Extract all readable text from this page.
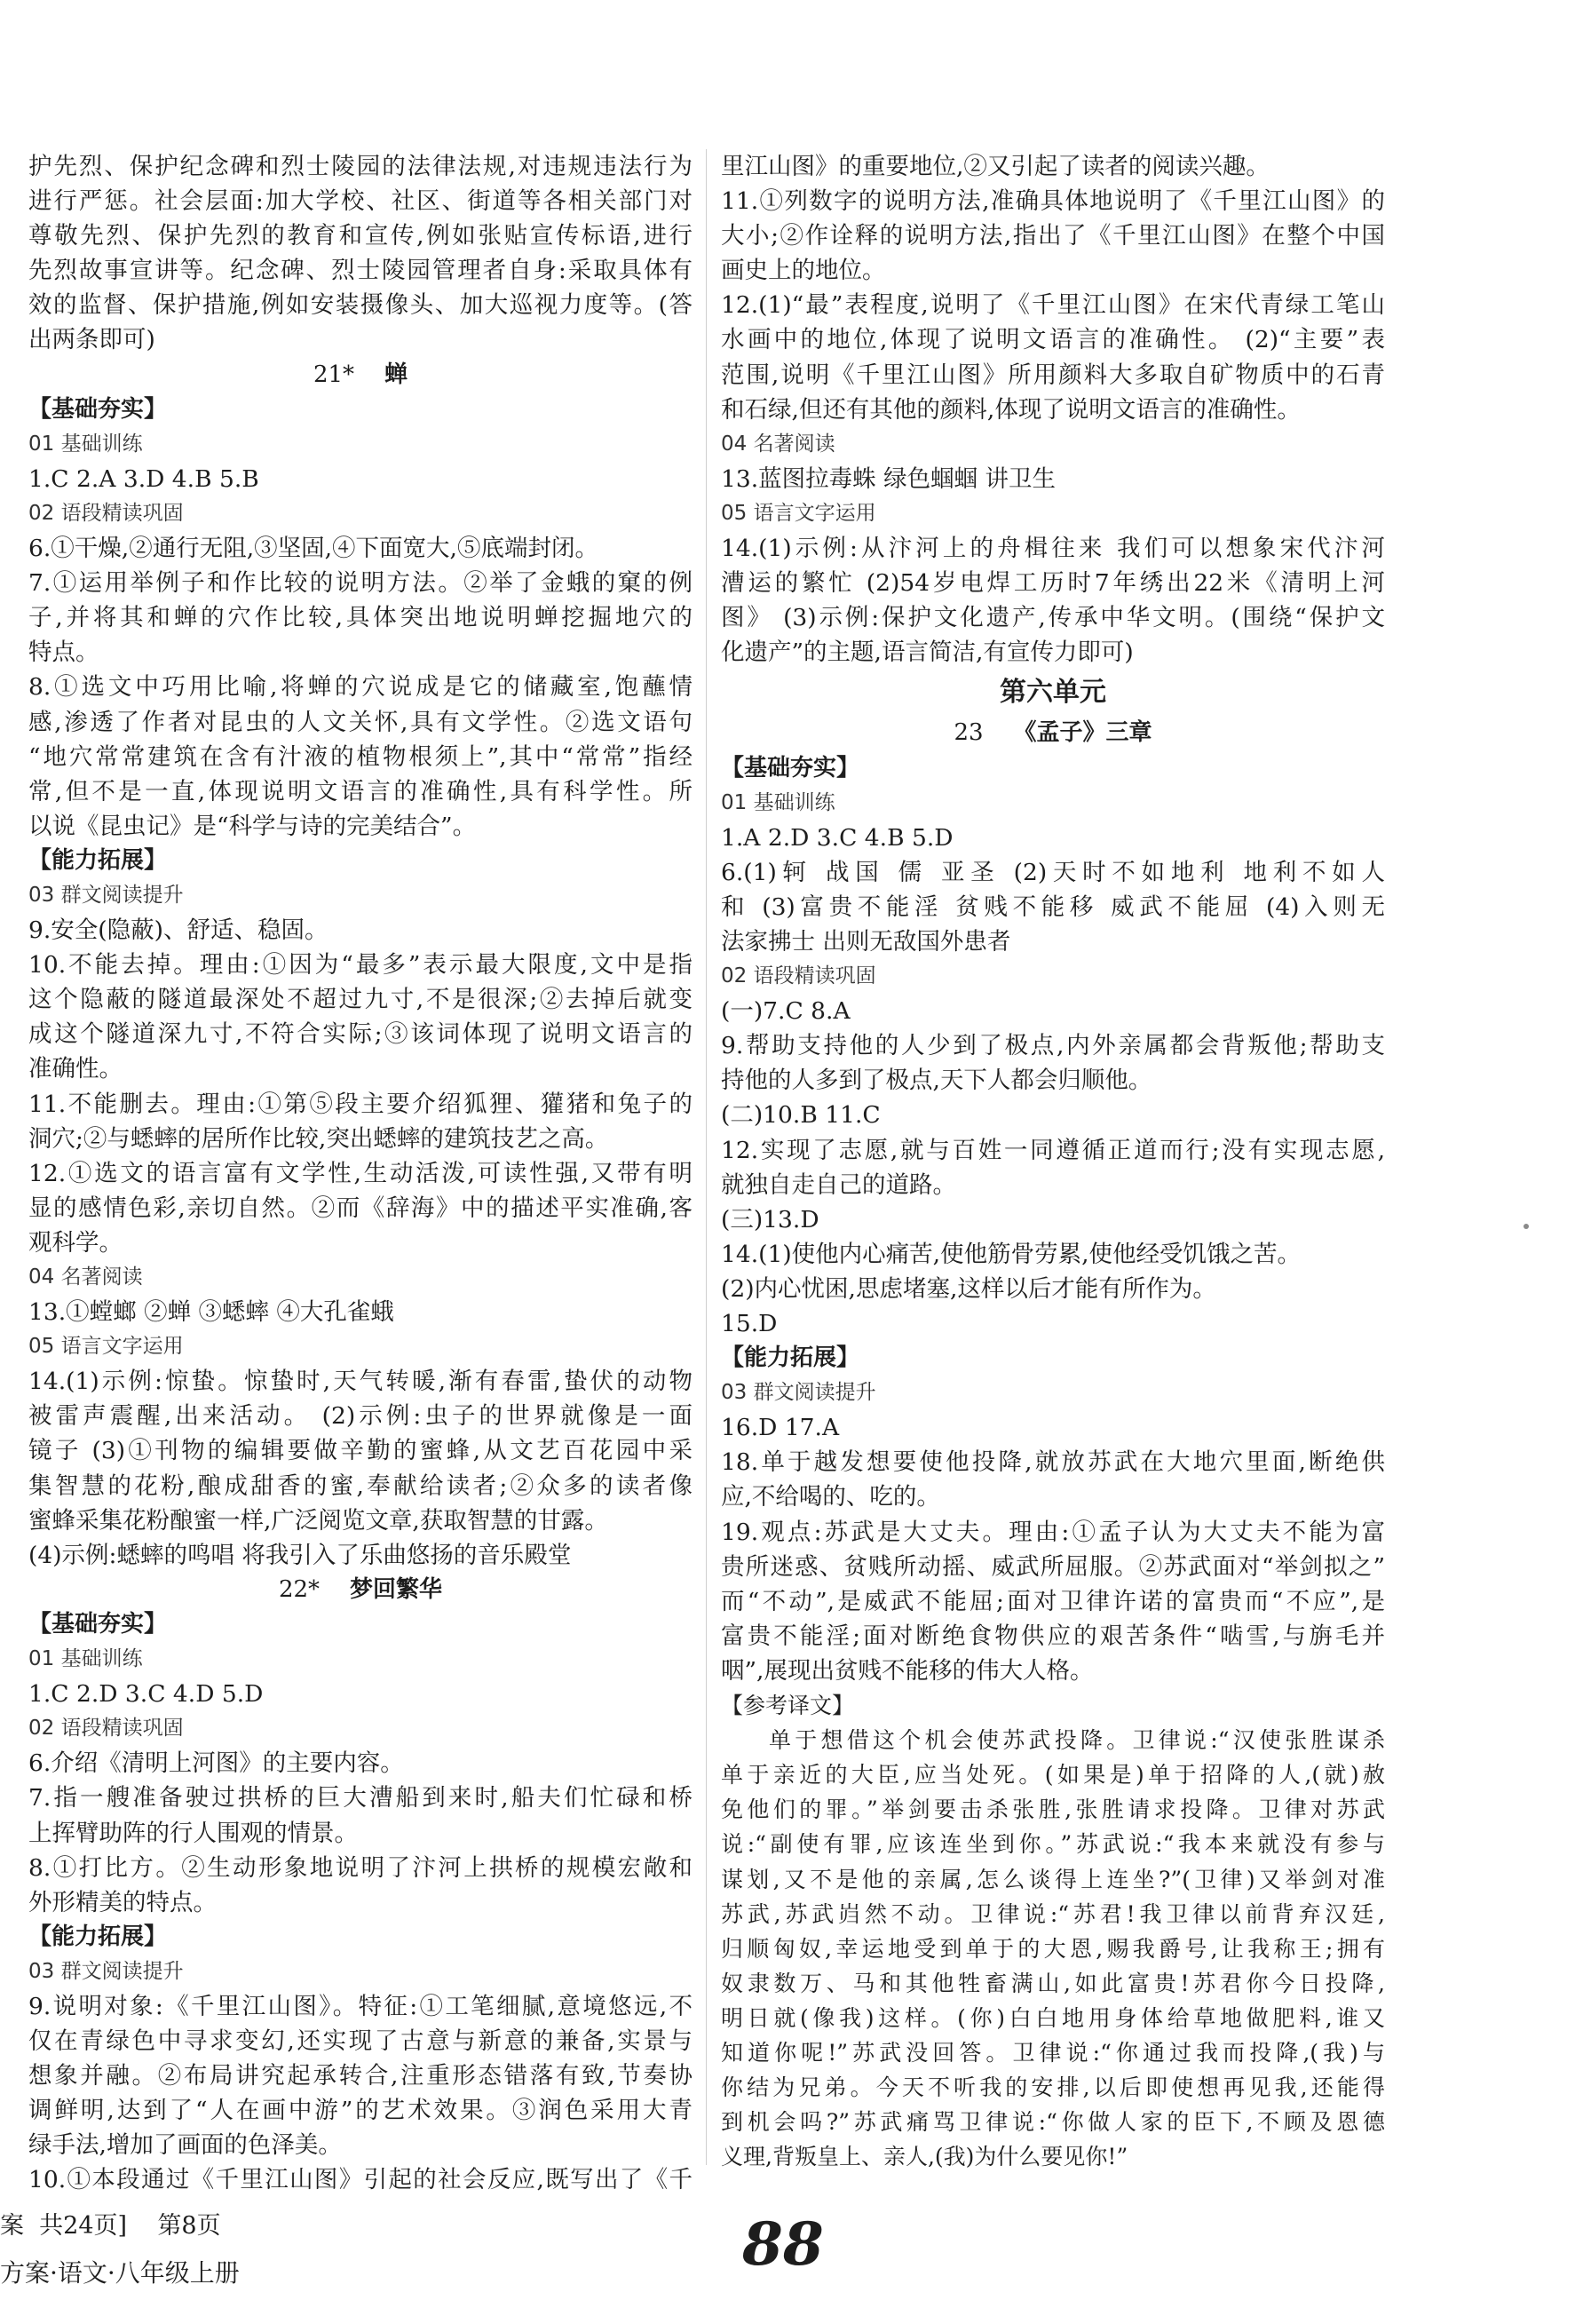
护先烈、保护纪念碑和烈士陵园的法律法规,对违规违法行为
进行严惩。社会层面:加大学校、社区、街道等各相关部门对
尊敬先烈、保护先烈的教育和宣传,例如张贴宣传标语,进行
先烈故事宣讲等。纪念碑、烈士陵园管理者自身:采取具体有
效的监督、保护措施,例如安装摄像头、加大巡视力度等。(答
出两条即可)
21* 蝉
【基础夯实】
01 基础训练
1.C 2.A 3.D 4.B 5.B
02 语段精读巩固
6.①干燥,②通行无阻,③坚固,④下面宽大,⑤底端封闭。
7.①运用举例子和作比较的说明方法。②举了金蛾的窠的例
子,并将其和蝉的穴作比较,具体突出地说明蝉挖掘地穴的
特点。
8.①选文中巧用比喻,将蝉的穴说成是它的储藏室,饱蘸情
感,渗透了作者对昆虫的人文关怀,具有文学性。②选文语句
“地穴常常建筑在含有汁液的植物根须上”,其中“常常”指经
常,但不是一直,体现说明文语言的准确性,具有科学性。所
以说《昆虫记》是“科学与诗的完美结合”。
【能力拓展】
03 群文阅读提升
9.安全(隐蔽)、舒适、稳固。
10.不能去掉。理由:①因为“最多”表示最大限度,文中是指
这个隐蔽的隧道最深处不超过九寸,不是很深;②去掉后就变
成这个隧道深九寸,不符合实际;③该词体现了说明文语言的
准确性。
11.不能删去。理由:①第⑤段主要介绍狐狸、獾猪和兔子的
洞穴;②与蟋蟀的居所作比较,突出蟋蟀的建筑技艺之高。
12.①选文的语言富有文学性,生动活泼,可读性强,又带有明
显的感情色彩,亲切自然。②而《辞海》中的描述平实准确,客
观科学。
04 名著阅读
13.①螳螂 ②蝉 ③蟋蟀 ④大孔雀蛾
05 语言文字运用
14.(1)示例:惊蛰。惊蛰时,天气转暖,渐有春雷,蛰伏的动物
被雷声震醒,出来活动。 (2)示例:虫子的世界就像是一面
镜子 (3)①刊物的编辑要做辛勤的蜜蜂,从文艺百花园中采
集智慧的花粉,酿成甜香的蜜,奉献给读者;②众多的读者像
蜜蜂采集花粉酿蜜一样,广泛阅览文章,获取智慧的甘露。
(4)示例:蟋蟀的鸣唱 将我引入了乐曲悠扬的音乐殿堂
22* 梦回繁华
【基础夯实】
01 基础训练
1.C 2.D 3.C 4.D 5.D
02 语段精读巩固
6.介绍《清明上河图》的主要内容。
7.指一艘准备驶过拱桥的巨大漕船到来时,船夫们忙碌和桥
上挥臂助阵的行人围观的情景。
8.①打比方。②生动形象地说明了汴河上拱桥的规模宏敞和
外形精美的特点。
【能力拓展】
03 群文阅读提升
9.说明对象:《千里江山图》。特征:①工笔细腻,意境悠远,不
仅在青绿色中寻求变幻,还实现了古意与新意的兼备,实景与
想象并融。②布局讲究起承转合,注重形态错落有致,节奏协
调鲜明,达到了“人在画中游”的艺术效果。③润色采用大青
绿手法,增加了画面的色泽美。
10.①本段通过《千里江山图》引起的社会反应,既写出了《千
里江山图》的重要地位,②又引起了读者的阅读兴趣。
11.①列数字的说明方法,准确具体地说明了《千里江山图》的
大小;②作诠释的说明方法,指出了《千里江山图》在整个中国
画史上的地位。
12.(1)“最”表程度,说明了《千里江山图》在宋代青绿工笔山
水画中的地位,体现了说明文语言的准确性。 (2)“主要”表
范围,说明《千里江山图》所用颜料大多取自矿物质中的石青
和石绿,但还有其他的颜料,体现了说明文语言的准确性。
04 名著阅读
13.蓝图拉毒蛛 绿色蝈蝈 讲卫生
05 语言文字运用
14.(1)示例:从汴河上的舟楫往来 我们可以想象宋代汴河
漕运的繁忙 (2)54岁电焊工历时7年绣出22米《清明上河
图》 (3)示例:保护文化遗产,传承中华文明。(围绕“保护文
化遗产”的主题,语言简洁,有宣传力即可)
第六单元
23 《孟子》三章
【基础夯实】
01 基础训练
1.A 2.D 3.C 4.B 5.D
6.(1)轲 战国 儒 亚圣 (2)天时不如地利 地利不如人
和 (3)富贵不能淫 贫贱不能移 威武不能屈 (4)入则无
法家拂士 出则无敌国外患者
02 语段精读巩固
(一)7.C 8.A
9.帮助支持他的人少到了极点,内外亲属都会背叛他;帮助支
持他的人多到了极点,天下人都会归顺他。
(二)10.B 11.C
12.实现了志愿,就与百姓一同遵循正道而行;没有实现志愿,
就独自走自己的道路。
(三)13.D
14.(1)使他内心痛苦,使他筋骨劳累,使他经受饥饿之苦。
(2)内心忧困,思虑堵塞,这样以后才能有所作为。
15.D
【能力拓展】
03 群文阅读提升
16.D 17.A
18.单于越发想要使他投降,就放苏武在大地穴里面,断绝供
应,不给喝的、吃的。
19.观点:苏武是大丈夫。理由:①孟子认为大丈夫不能为富
贵所迷惑、贫贱所动摇、威武所屈服。②苏武面对“举剑拟之”
而“不动”,是威武不能屈;面对卫律许诺的富贵而“不应”,是
富贵不能淫;面对断绝食物供应的艰苦条件“啮雪,与旃毛并
咽”,展现出贫贱不能移的伟大人格。
【参考译文】
单于想借这个机会使苏武投降。卫律说:“汉使张胜谋杀
单于亲近的大臣,应当处死。(如果是)单于招降的人,(就)赦
免他们的罪。”举剑要击杀张胜,张胜请求投降。卫律对苏武
说:“副使有罪,应该连坐到你。”苏武说:“我本来就没有参与
谋划,又不是他的亲属,怎么谈得上连坐?”(卫律)又举剑对准
苏武,苏武岿然不动。卫律说:“苏君!我卫律以前背弃汉廷,
归顺匈奴,幸运地受到单于的大恩,赐我爵号,让我称王;拥有
奴隶数万、马和其他牲畜满山,如此富贵!苏君你今日投降,
明日就(像我)这样。(你)白白地用身体给草地做肥料,谁又
知道你呢!”苏武没回答。卫律说:“你通过我而投降,(我)与
你结为兄弟。今天不听我的安排,以后即使想再见我,还能得
到机会吗?”苏武痛骂卫律说:“你做人家的臣下,不顾及恩德
义理,背叛皇上、亲人,(我)为什么要见你!”
案  共24页]    第8页
方案·语文·八年级上册	88
